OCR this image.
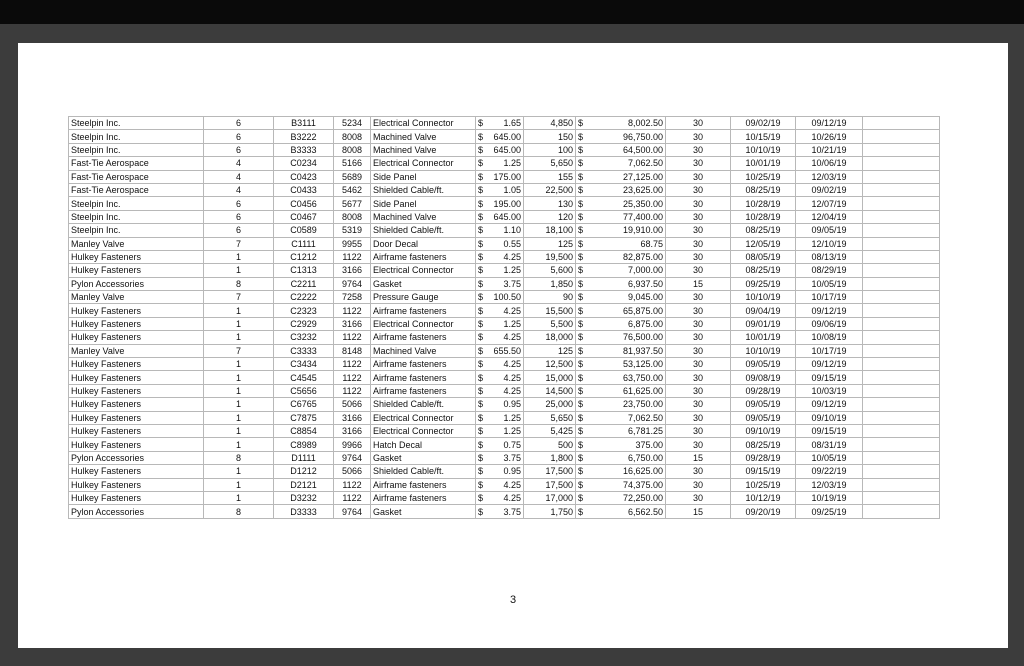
Steelpin Inc.	6	B3111	5234	Electrical Connector	$	1.65	4,850	$	8,002.50	30	09/02/19	09/12/19	
Steelpin Inc.	6	B3222	8008	Machined Valve	$	645.00	150	$	96,750.00	30	10/15/19	10/26/19	
Steelpin Inc.	6	B3333	8008	Machined Valve	$	645.00	100	$	64,500.00	30	10/10/19	10/21/19	
Fast-Tie Aerospace	4	C0234	5166	Electrical Connector	$	1.25	5,650	$	7,062.50	30	10/01/19	10/06/19	
Fast-Tie Aerospace	4	C0423	5689	Side Panel	$	175.00	155	$	27,125.00	30	10/25/19	12/03/19	
Fast-Tie Aerospace	4	C0433	5462	Shielded Cable/ft.	$	1.05	22,500	$	23,625.00	30	08/25/19	09/02/19	
Steelpin Inc.	6	C0456	5677	Side Panel	$	195.00	130	$	25,350.00	30	10/28/19	12/07/19	
Steelpin Inc.	6	C0467	8008	Machined Valve	$	645.00	120	$	77,400.00	30	10/28/19	12/04/19	
Steelpin Inc.	6	C0589	5319	Shielded Cable/ft.	$	1.10	18,100	$	19,910.00	30	08/25/19	09/05/19	
Manley Valve	7	C1111	9955	Door Decal	$	0.55	125	$	68.75	30	12/05/19	12/10/19	
Hulkey Fasteners	1	C1212	1122	Airframe fasteners	$	4.25	19,500	$	82,875.00	30	08/05/19	08/13/19	
Hulkey Fasteners	1	C1313	3166	Electrical Connector	$	1.25	5,600	$	7,000.00	30	08/25/19	08/29/19	
Pylon Accessories	8	C2211	9764	Gasket	$	3.75	1,850	$	6,937.50	15	09/25/19	10/05/19	
Manley Valve	7	C2222	7258	Pressure Gauge	$	100.50	90	$	9,045.00	30	10/10/19	10/17/19	
Hulkey Fasteners	1	C2323	1122	Airframe fasteners	$	4.25	15,500	$	65,875.00	30	09/04/19	09/12/19	
Hulkey Fasteners	1	C2929	3166	Electrical Connector	$	1.25	5,500	$	6,875.00	30	09/01/19	09/06/19	
Hulkey Fasteners	1	C3232	1122	Airframe fasteners	$	4.25	18,000	$	76,500.00	30	10/01/19	10/08/19	
Manley Valve	7	C3333	8148	Machined Valve	$	655.50	125	$	81,937.50	30	10/10/19	10/17/19	
Hulkey Fasteners	1	C3434	1122	Airframe fasteners	$	4.25	12,500	$	53,125.00	30	09/05/19	09/12/19	
Hulkey Fasteners	1	C4545	1122	Airframe fasteners	$	4.25	15,000	$	63,750.00	30	09/08/19	09/15/19	
Hulkey Fasteners	1	C5656	1122	Airframe fasteners	$	4.25	14,500	$	61,625.00	30	09/28/19	10/03/19	
Hulkey Fasteners	1	C6765	5066	Shielded Cable/ft.	$	0.95	25,000	$	23,750.00	30	09/05/19	09/12/19	
Hulkey Fasteners	1	C7875	3166	Electrical Connector	$	1.25	5,650	$	7,062.50	30	09/05/19	09/10/19	
Hulkey Fasteners	1	C8854	3166	Electrical Connector	$	1.25	5,425	$	6,781.25	30	09/10/19	09/15/19	
Hulkey Fasteners	1	C8989	9966	Hatch Decal	$	0.75	500	$	375.00	30	08/25/19	08/31/19	
Pylon Accessories	8	D1111	9764	Gasket	$	3.75	1,800	$	6,750.00	15	09/28/19	10/05/19	
Hulkey Fasteners	1	D1212	5066	Shielded Cable/ft.	$	0.95	17,500	$	16,625.00	30	09/15/19	09/22/19	
Hulkey Fasteners	1	D2121	1122	Airframe fasteners	$	4.25	17,500	$	74,375.00	30	10/25/19	12/03/19	
Hulkey Fasteners	1	D3232	1122	Airframe fasteners	$	4.25	17,000	$	72,250.00	30	10/12/19	10/19/19	
Pylon Accessories	8	D3333	9764	Gasket	$	3.75	1,750	$	6,562.50	15	09/20/19	09/25/19	
3
